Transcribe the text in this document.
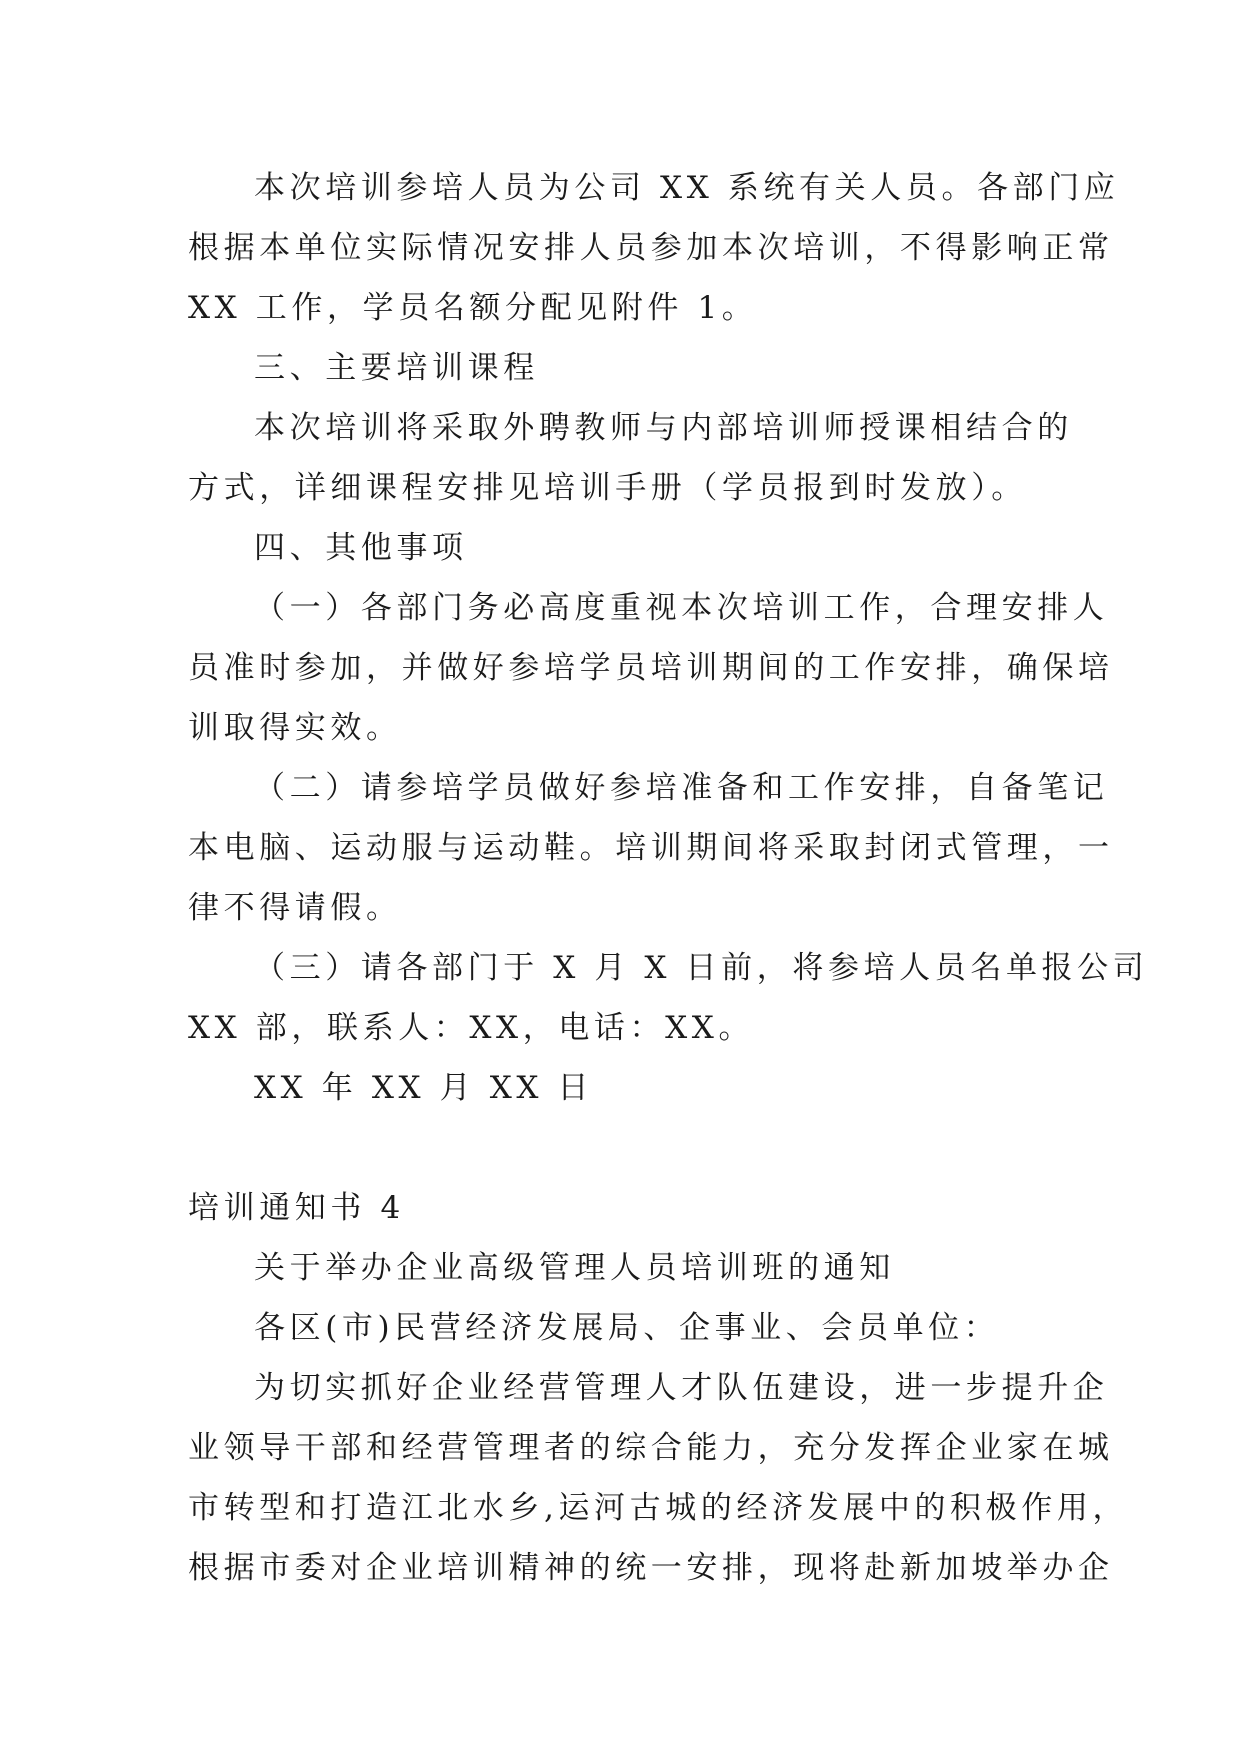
本次培训参培人员为公司 XX 系统有关人员。各部门应
根据本单位实际情况安排人员参加本次培训，不得影响正常
XX 工作，学员名额分配见附件 1。
三、主要培训课程
本次培训将采取外聘教师与内部培训师授课相结合的
方式，详细课程安排见培训手册（学员报到时发放）。
四、其他事项
（一）各部门务必高度重视本次培训工作，合理安排人
员准时参加，并做好参培学员培训期间的工作安排，确保培
训取得实效。
（二）请参培学员做好参培准备和工作安排，自备笔记
本电脑、运动服与运动鞋。培训期间将采取封闭式管理，一
律不得请假。
（三）请各部门于 X 月 X 日前，将参培人员名单报公司
XX 部，联系人：XX，电话：XX。
XX 年 XX 月 XX 日
培训通知书 4
关于举办企业高级管理人员培训班的通知
各区(市)民营经济发展局、企事业、会员单位：
为切实抓好企业经营管理人才队伍建设，进一步提升企
业领导干部和经营管理者的综合能力，充分发挥企业家在城
市转型和打造江北水乡,运河古城的经济发展中的积极作用，
根据市委对企业培训精神的统一安排，现将赴新加坡举办企
